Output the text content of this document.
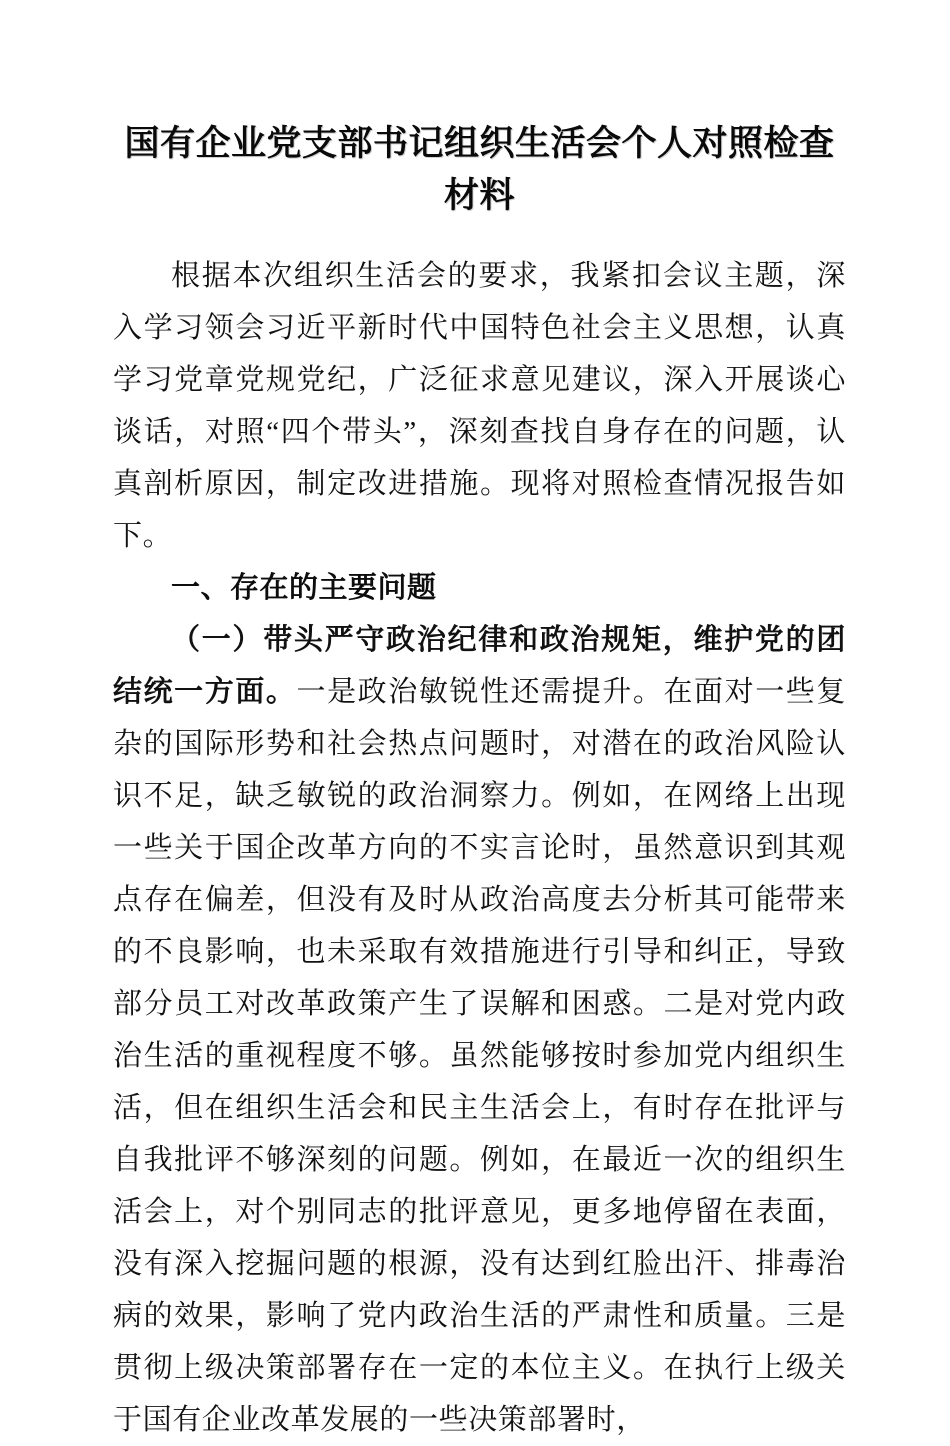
国有企业党支部书记组织生活会个人对照检查
材料

根据本次组织生活会的要求，我紧扣会议主题，深入学习领会习近平新时代中国特色社会主义思想，认真学习党章党规党纪，广泛征求意见建议，深入开展谈心谈话，对照“四个带头”，深刻查找自身存在的问题，认真剖析原因，制定改进措施。现将对照检查情况报告如下。

一、存在的主要问题

（一）带头严守政治纪律和政治规矩，维护党的团结统一方面。一是政治敏锐性还需提升。在面对一些复杂的国际形势和社会热点问题时，对潜在的政治风险认识不足，缺乏敏锐的政治洞察力。例如，在网络上出现一些关于国企改革方向的不实言论时，虽然意识到其观点存在偏差，但没有及时从政治高度去分析其可能带来的不良影响，也未采取有效措施进行引导和纠正，导致部分员工对改革政策产生了误解和困惑。二是对党内政治生活的重视程度不够。虽然能够按时参加党内组织生活，但在组织生活会和民主生活会上，有时存在批评与自我批评不够深刻的问题。例如，在最近一次的组织生活会上，对个别同志的批评意见，更多地停留在表面，没有深入挖掘问题的根源，没有达到红脸出汗、排毒治病的效果，影响了党内政治生活的严肃性和质量。三是贯彻上级决策部署存在一定的本位主义。在执行上级关于国有企业改革发展的一些决策部署时，
